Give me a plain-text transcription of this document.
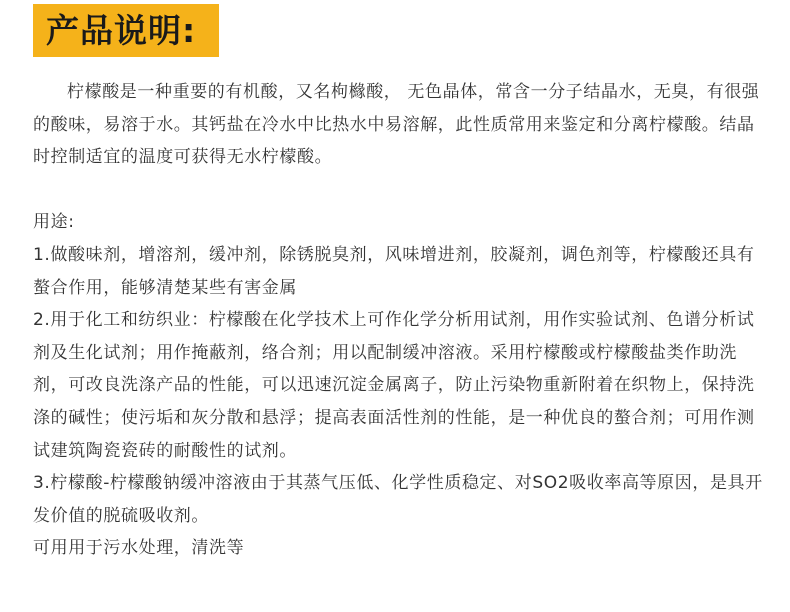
产品说明:

柠檬酸是一种重要的有机酸，又名枸櫞酸， 无色晶体，常含一分子结晶水，无臭，有很强的酸味，易溶于水。其钙盐在冷水中比热水中易溶解，此性质常用来鉴定和分离柠檬酸。结晶时控制适宜的温度可获得无水柠檬酸。

用途:

1.做酸味剂，增溶剂，缓冲剂，除锈脱臭剂，风味增进剂，胶凝剂，调色剂等，柠檬酸还具有螯合作用，能够清楚某些有害金属

2.用于化工和纺织业：柠檬酸在化学技术上可作化学分析用试剂，用作实验试剂、色谱分析试剂及生化试剂；用作掩蔽剂，络合剂；用以配制缓冲溶液。采用柠檬酸或柠檬酸盐类作助洗剂，可改良洗涤产品的性能，可以迅速沉淀金属离子，防止污染物重新附着在织物上，保持洗涤的碱性；使污垢和灰分散和悬浮；提高表面活性剂的性能，是一种优良的螯合剂；可用作测试建筑陶瓷瓷砖的耐酸性的试剂。

3.柠檬酸-柠檬酸钠缓冲溶液由于其蒸气压低、化学性质稳定、对SO2吸收率高等原因，是具开发价值的脱硫吸收剂。

可用用于污水处理，清洗等
